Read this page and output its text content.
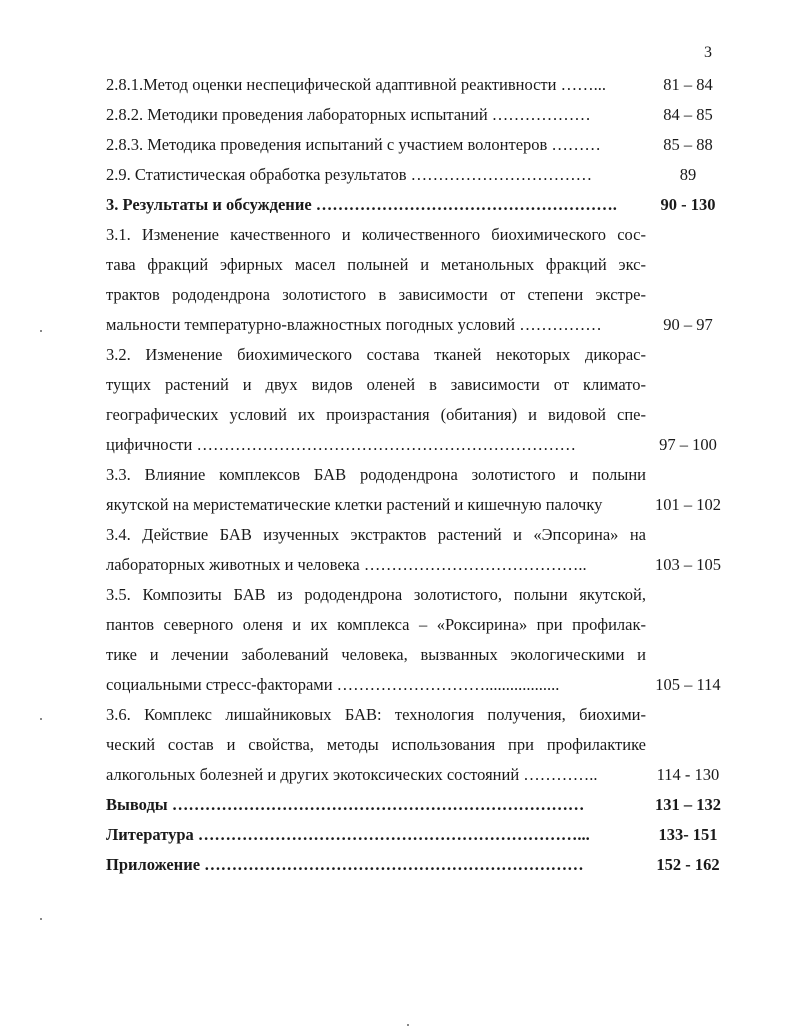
3
2.8.1.Метод оценки неспецифической адаптивной реактивности ……...	81 – 84
2.8.2. Методики проведения лабораторных испытаний ………………	84 – 85
2.8.3. Методика проведения испытаний с участием волонтеров ………	85 – 88
2.9. Статистическая обработка результатов ……………………………	89
3. Результаты и обсуждение ……………………………………………….	90 - 130
3.1. Изменение качественного и количественного биохимического сос-
тава фракций эфирных масел полыней и метанольных фракций экс-
трактов рододендрона золотистого в зависимости от степени экстре-
мальности температурно-влажностных погодных условий ……………	90 – 97
3.2. Изменение биохимического состава тканей некоторых дикорас-
тущих растений и двух видов оленей в зависимости от климато-
географических условий их произрастания (обитания) и видовой спе-
цифичности ……………………………………………………………	97 – 100
3.3. Влияние комплексов БАВ рододендрона золотистого и полыни
якутской на меристематические клетки растений и кишечную палочку	101 – 102
3.4. Действие БАВ изученных экстрактов растений и «Эпсорина» на
лабораторных животных и человека …………………………………..	103 – 105
3.5. Композиты БАВ из рододендрона золотистого, полыни якутской,
пантов северного оленя и их комплекса – «Роксирина» при профилак-
тике и лечении заболеваний человека, вызванных экологическими и
социальными стресс-факторами ………………………..................	105 – 114
3.6. Комплекс лишайниковых БАВ: технология получения, биохими-
ческий состав и свойства, методы использования при профилактике
алкогольных болезней и других экотоксических состояний …………..	114 - 130
Выводы …………………………………………………………………	131 – 132
Литература ……………………………………………………………...	133- 151
Приложение ……………………………………………………………	152 - 162
